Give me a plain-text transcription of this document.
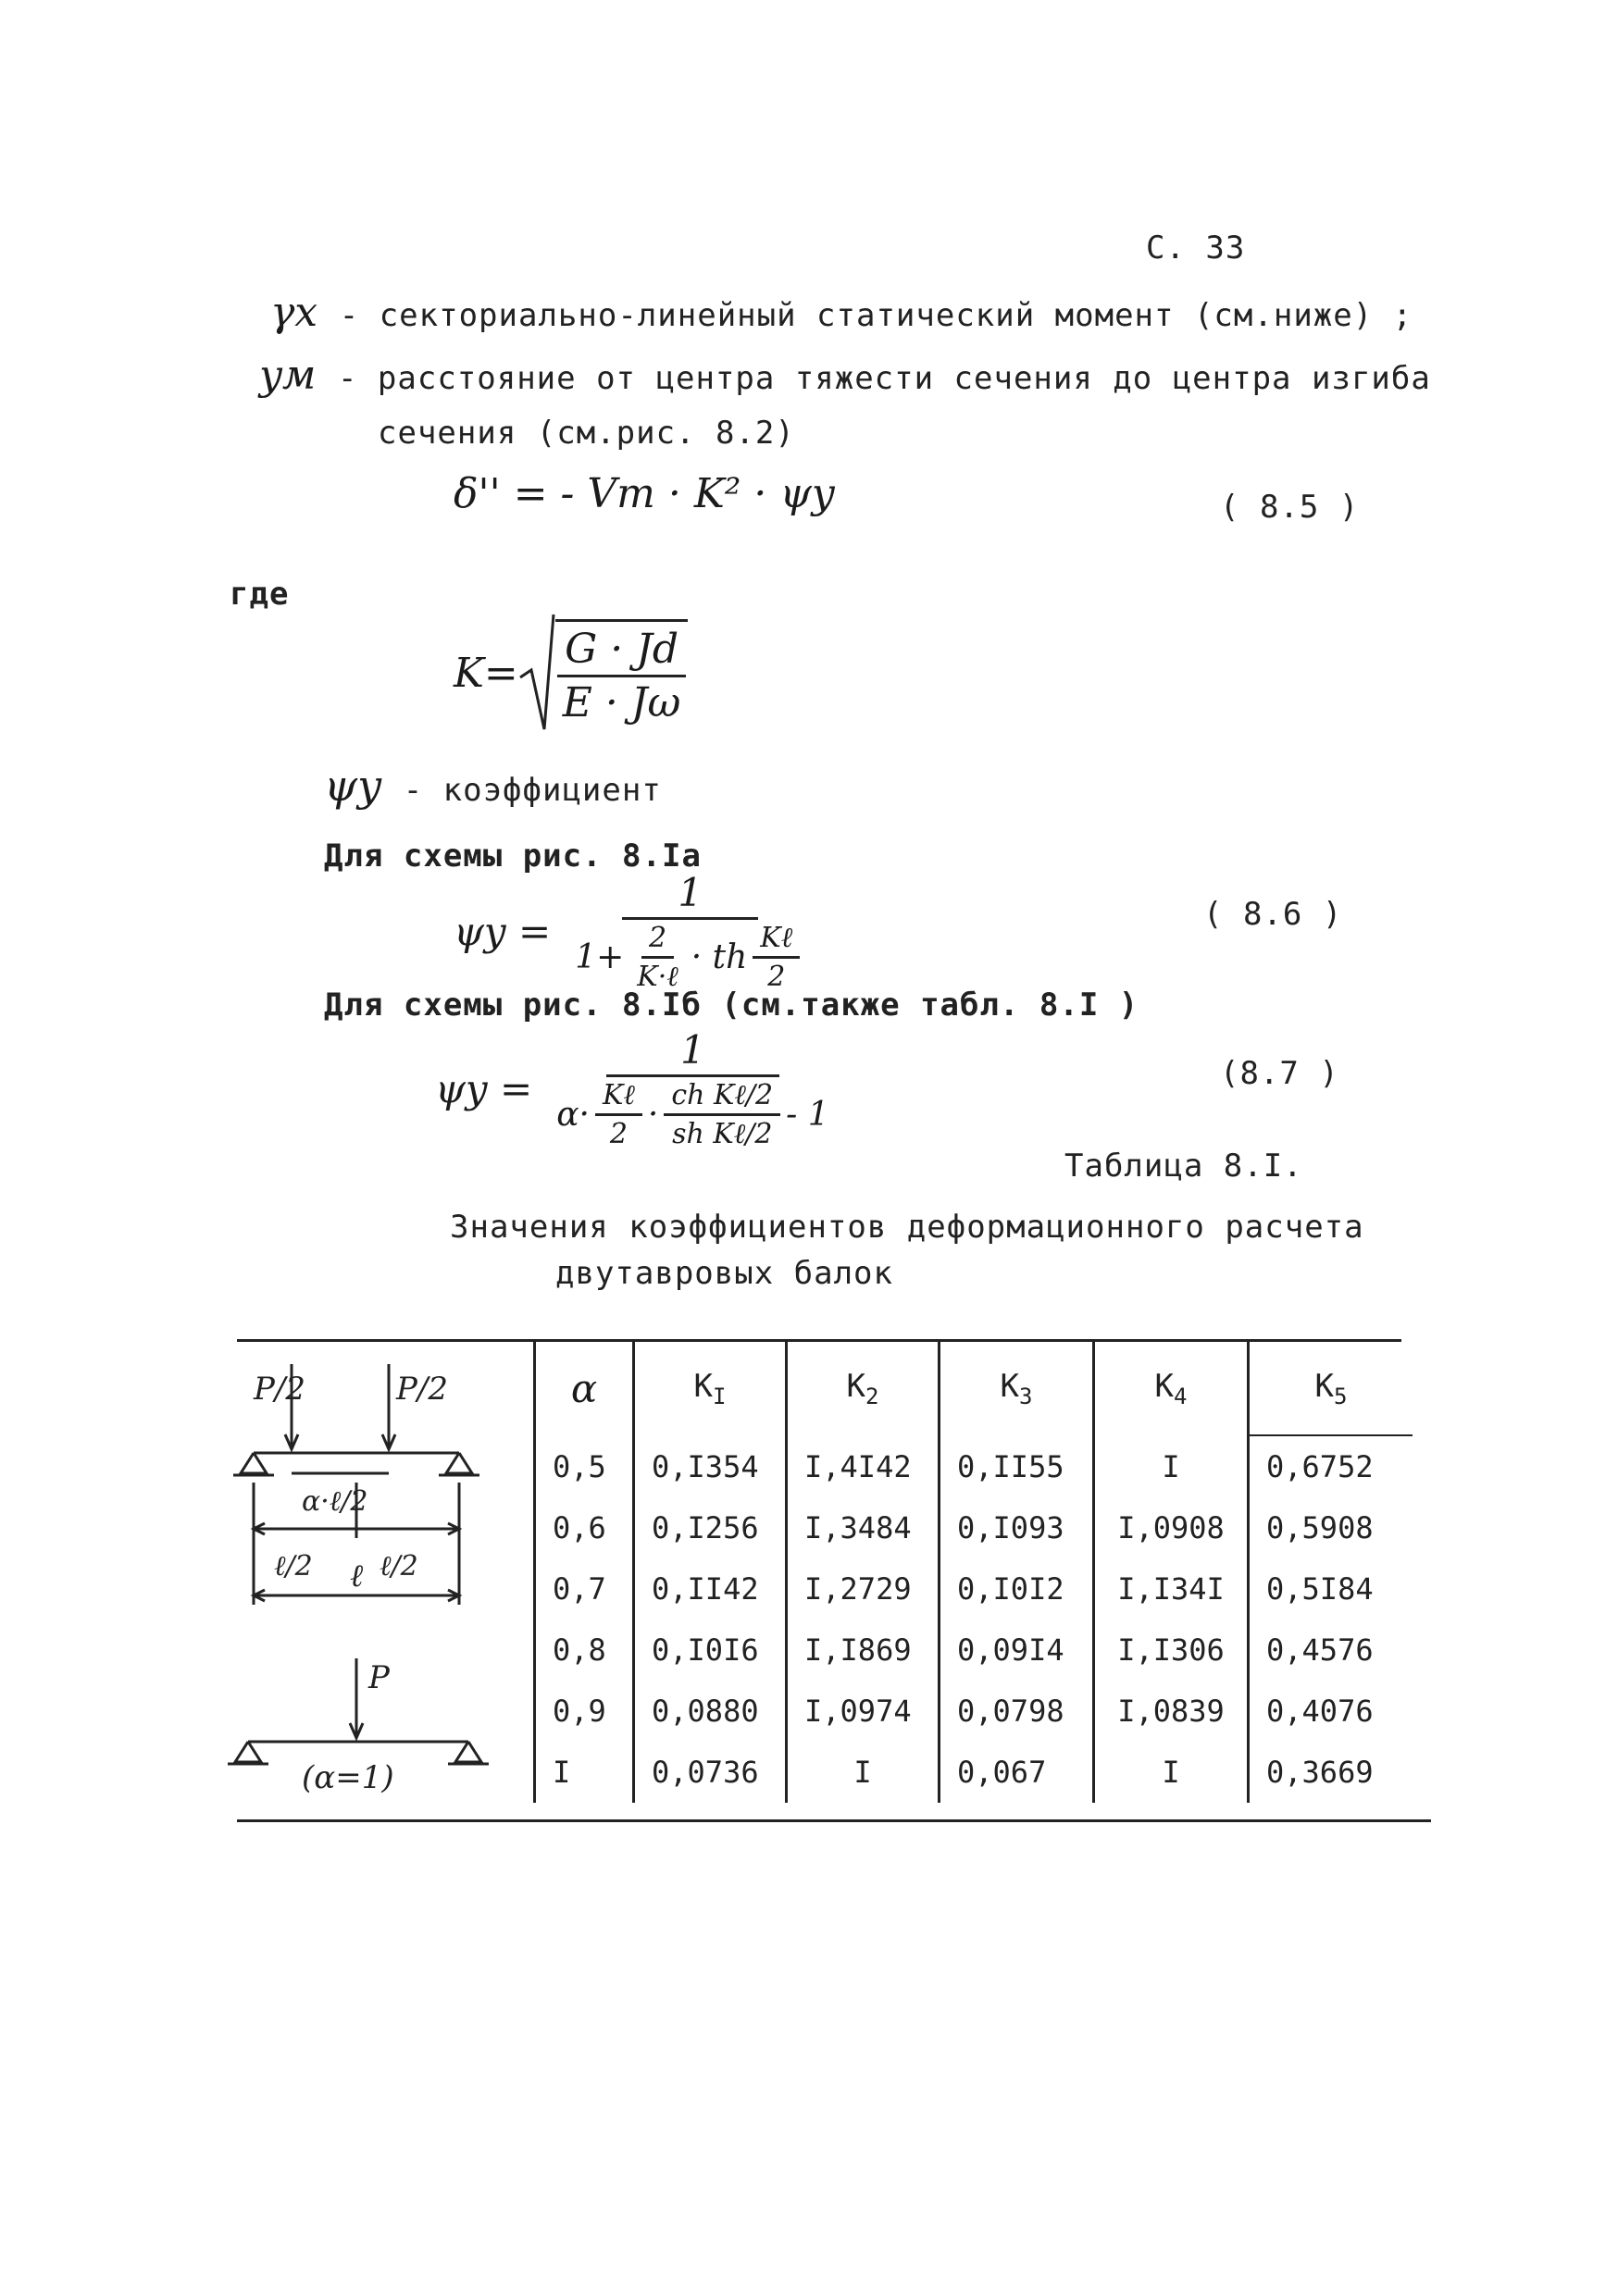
С. 33
γx - секториально-линейный статический момент (см.ниже) ;
yм - расстояние от центра тяжести сечения до центра изгиба
сечения (см.рис. 8.2)
δ'' = - Vm · K² · ψy	( 8.5 )
где
$K= \frac{G \cdot Jd}{E \cdot J\omega}$
ψy - коэффициент
Для схемы рис. 8.Iа
ψy =
1
$1+ \frac{2}{\text{K·ℓ}}$ · th $\frac{\text{Kℓ}}{2}$
( 8.6 )
Для схемы рис. 8.Iб (см.также табл. 8.I )
ψy =
1
$\alpha\cdot \frac{\text{Kℓ}}{2} \cdot \frac{\text{ch Kℓ/2}}{\text{sh Kℓ/2}} - 1$
(8.7 )
Таблица 8.I.
Значения коэффициентов деформационного расчета
двутавровых балок
P/2	P/2
α·ℓ/2
ℓ/2 ℓ/2
ℓ
P
(α=1)
α	$K_I$	$K_2$	$K_3$	$K_4$	$K_5$
0,5	0,I354	I,4I42	0,II55	I	0,6752
0,6	0,I256	I,3484	0,I093	I,0908	0,5908
0,7	0,II42	I,2729	0,I0I2	I,I34I	0,5I84
0,8	0,I0I6	I,I869	0,09I4	I,I306	0,4576
0,9	0,0880	I,0974	0,0798	I,0839	0,4076
I	0,0736	I	0,067	I	0,3669
